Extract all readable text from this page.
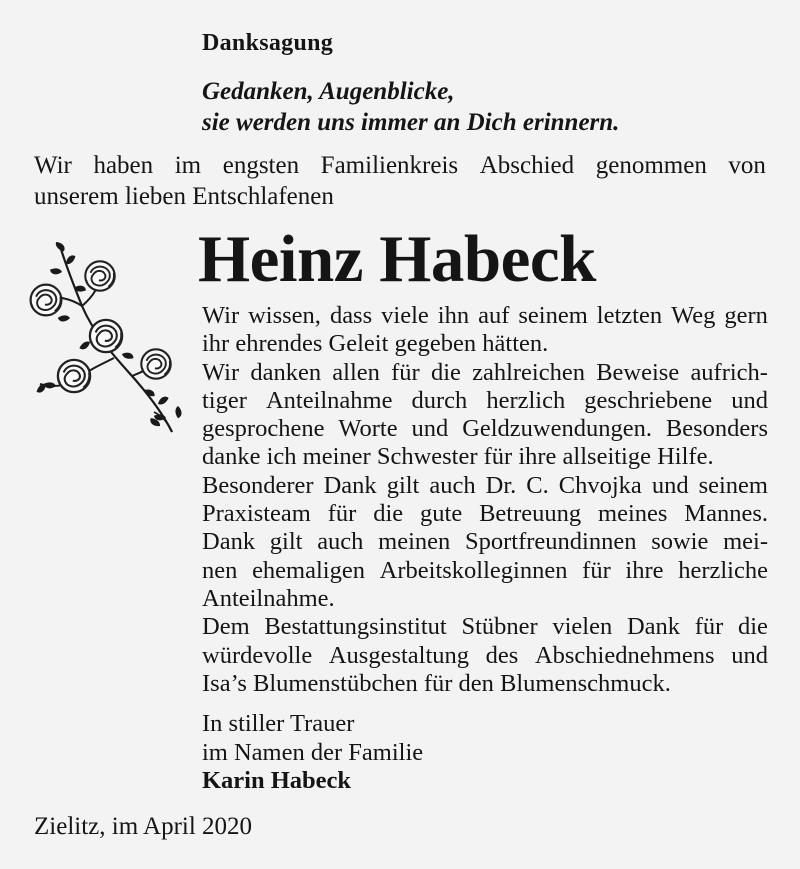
Danksagung
Gedanken, Augenblicke,
sie werden uns immer an Dich erinnern.
Wir haben im engsten Familienkreis Abschied genommen von
unserem lieben Entschlafenen
Heinz Habeck
Wir wissen, dass viele ihn auf seinem letzten Weg gern
ihr ehrendes Geleit gegeben hätten.
Wir danken allen für die zahlreichen Beweise aufrich-
tiger Anteilnahme durch herzlich geschriebene und
gesprochene Worte und Geldzuwendungen. Besonders
danke ich meiner Schwester für ihre allseitige Hilfe.
Besonderer Dank gilt auch Dr. C. Chvojka und seinem
Praxisteam für die gute Betreuung meines Mannes.
Dank gilt auch meinen Sportfreundinnen sowie mei-
nen ehemaligen Arbeitskolleginnen für ihre herzliche
Anteilnahme.
Dem Bestattungsinstitut Stübner vielen Dank für die
würdevolle Ausgestaltung des Abschiednehmens und
Isa’s Blumenstübchen für den Blumenschmuck.
In stiller Trauer
im Namen der Familie
Karin Habeck
Zielitz, im April 2020
